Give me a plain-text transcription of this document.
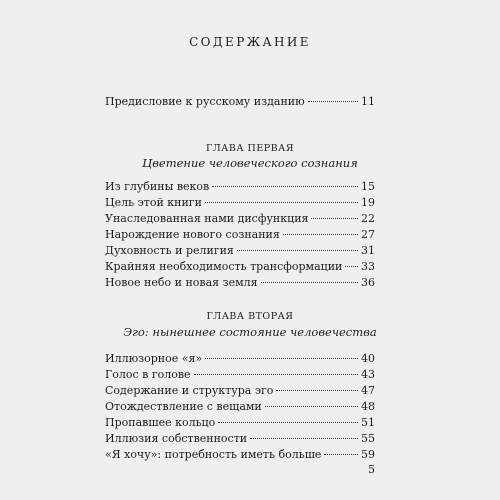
СОДЕРЖАНИЕ
Предисловие к русскому изданию	11
ГЛАВА ПЕРВАЯ
Цветение человеческого сознания
Из глубины веков	15
Цель этой книги	19
Унаследованная нами дисфункция	22
Нарождение нового сознания	27
Духовность и религия	31
Крайняя необходимость трансформации 33
Новое небо и новая земля	36
ГЛАВА ВТОРАЯ
Эго: нынешнее состояние человечества
Иллюзорное «я»	40
Голос в голове	43
Содержание и структура эго	47
Отождествление с вещами	48
Пропавшее кольцо	51
Иллюзия собственности	55
«Я хочу»: потребность иметь больше	59
5
